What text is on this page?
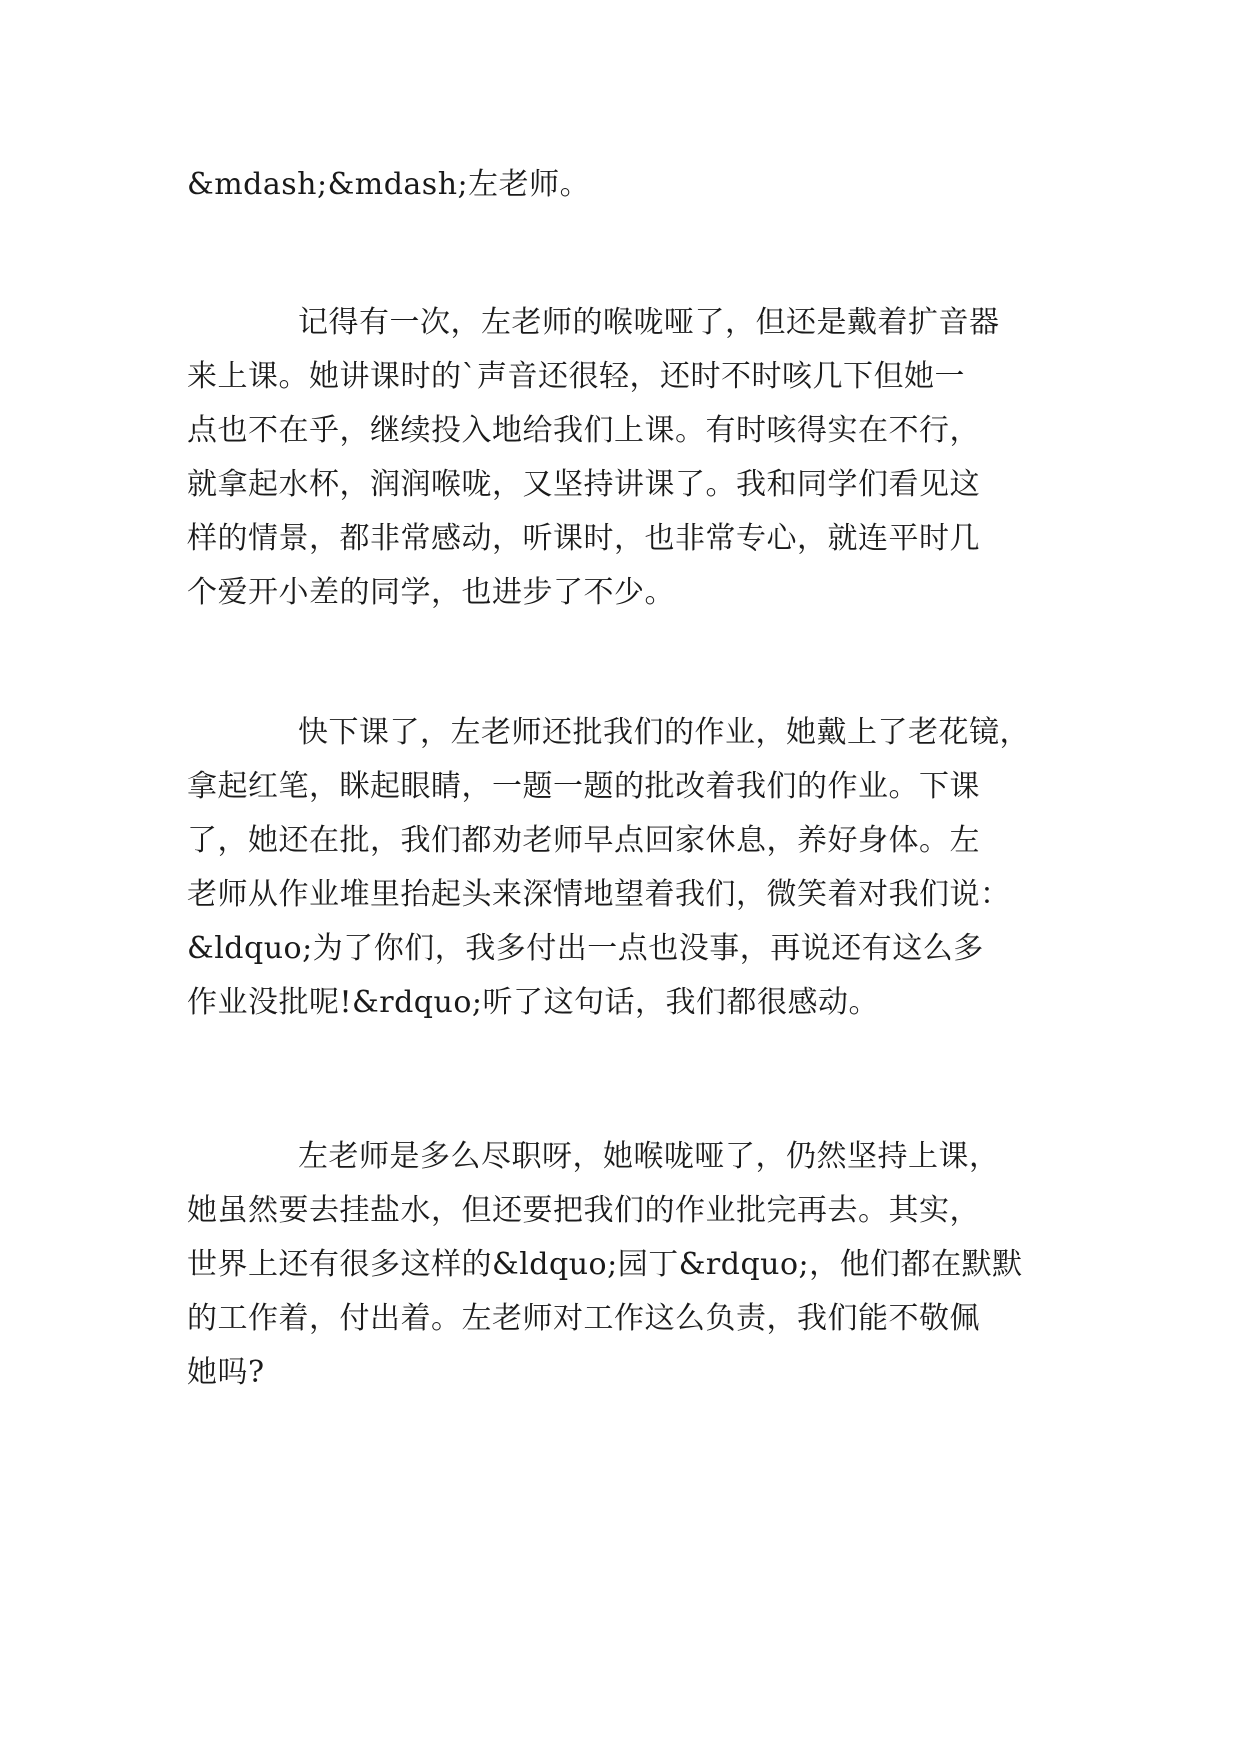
&mdash;&mdash;左老师。
记得有一次，左老师的喉咙哑了，但还是戴着扩音器
来上课。她讲课时的`声音还很轻，还时不时咳几下但她一
点也不在乎，继续投入地给我们上课。有时咳得实在不行，
就拿起水杯，润润喉咙，又坚持讲课了。我和同学们看见这
样的情景，都非常感动，听课时，也非常专心，就连平时几
个爱开小差的同学，也进步了不少。
快下课了，左老师还批我们的作业，她戴上了老花镜，
拿起红笔，眯起眼睛，一题一题的批改着我们的作业。下课
了，她还在批，我们都劝老师早点回家休息，养好身体。左
老师从作业堆里抬起头来深情地望着我们，微笑着对我们说：
&ldquo;为了你们，我多付出一点也没事，再说还有这么多
作业没批呢!&rdquo;听了这句话，我们都很感动。
左老师是多么尽职呀，她喉咙哑了，仍然坚持上课，
她虽然要去挂盐水，但还要把我们的作业批完再去。其实，
世界上还有很多这样的&ldquo;园丁&rdquo;，他们都在默默
的工作着，付出着。左老师对工作这么负责，我们能不敬佩
她吗?
